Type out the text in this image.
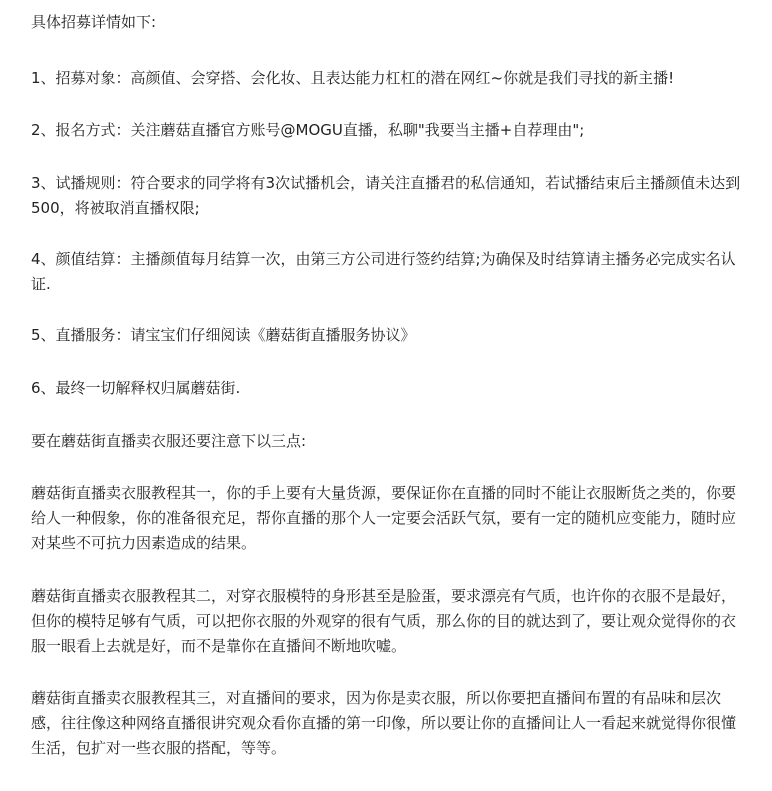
具体招募详情如下:

1、招募对象：高颜值、会穿搭、会化妆、且表达能力杠杠的潜在网红~你就是我们寻找的新主播!

2、报名方式：关注蘑菇直播官方账号@MOGU直播，私聊"我要当主播+自荐理由";

3、试播规则：符合要求的同学将有3次试播机会，请关注直播君的私信通知，若试播结束后主播颜值未达到500，将被取消直播权限;

4、颜值结算：主播颜值每月结算一次，由第三方公司进行签约结算;为确保及时结算请主播务必完成实名认证.

5、直播服务：请宝宝们仔细阅读《蘑菇街直播服务协议》

6、最终一切解释权归属蘑菇街.

要在蘑菇街直播卖衣服还要注意下以三点:

蘑菇街直播卖衣服教程其一，你的手上要有大量货源，要保证你在直播的同时不能让衣服断货之类的，你要给人一种假象，你的准备很充足，帮你直播的那个人一定要会活跃气氛，要有一定的随机应变能力，随时应对某些不可抗力因素造成的结果。

蘑菇街直播卖衣服教程其二，对穿衣服模特的身形甚至是脸蛋，要求漂亮有气质，也许你的衣服不是最好，但你的模特足够有气质，可以把你衣服的外观穿的很有气质，那么你的目的就达到了，要让观众觉得你的衣服一眼看上去就是好，而不是靠你在直播间不断地吹嘘。

蘑菇街直播卖衣服教程其三，对直播间的要求，因为你是卖衣服，所以你要把直播间布置的有品味和层次感，往往像这种网络直播很讲究观众看你直播的第一印像，所以要让你的直播间让人一看起来就觉得你很懂生活，包扩对一些衣服的搭配，等等。
